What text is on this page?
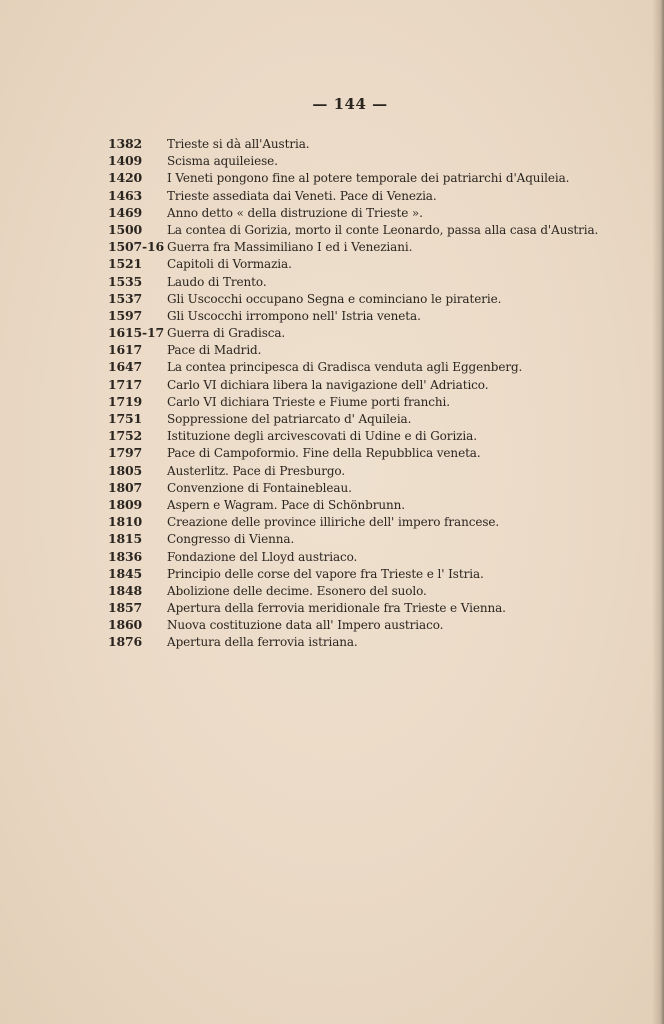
— 144 —
1382	Trieste si dà all'Austria.
1409	Scisma aquileiese.
1420	I Veneti pongono fine al potere temporale dei patriarchi d'Aquileia.
1463	Trieste assediata dai Veneti. Pace di Venezia.
1469	Anno detto « della distruzione di Trieste ».
1500	La contea di Gorizia, morto il conte Leonardo, passa alla casa d'Austria.
1507-16 Guerra fra Massimiliano I ed i Veneziani.
1521	Capitoli di Vormazia.
1535	Laudo di Trento.
1537	Gli Uscocchi occupano Segna e cominciano le piraterie.
1597	Gli Uscocchi irrompono nell' Istria veneta.
1615-17 Guerra di Gradisca.
1617	Pace di Madrid.
1647	La contea principesca di Gradisca venduta agli Eggenberg.
1717	Carlo VI dichiara libera la navigazione dell' Adriatico.
1719	Carlo VI dichiara Trieste e Fiume porti franchi.
1751	Soppressione del patriarcato d' Aquileia.
1752	Istituzione degli arcivescovati di Udine e di Gorizia.
1797	Pace di Campoformio. Fine della Repubblica veneta.
1805	Austerlitz. Pace di Presburgo.
1807	Convenzione di Fontainebleau.
1809	Aspern e Wagram. Pace di Schönbrunn.
1810	Creazione delle province illiriche dell' impero francese.
1815	Congresso di Vienna.
1836	Fondazione del Lloyd austriaco.
1845	Principio delle corse del vapore fra Trieste e l' Istria.
1848	Abolizione delle decime. Esonero del suolo.
1857	Apertura della ferrovia meridionale fra Trieste e Vienna.
1860	Nuova costituzione data all' Impero austriaco.
1876	Apertura della ferrovia istriana.
